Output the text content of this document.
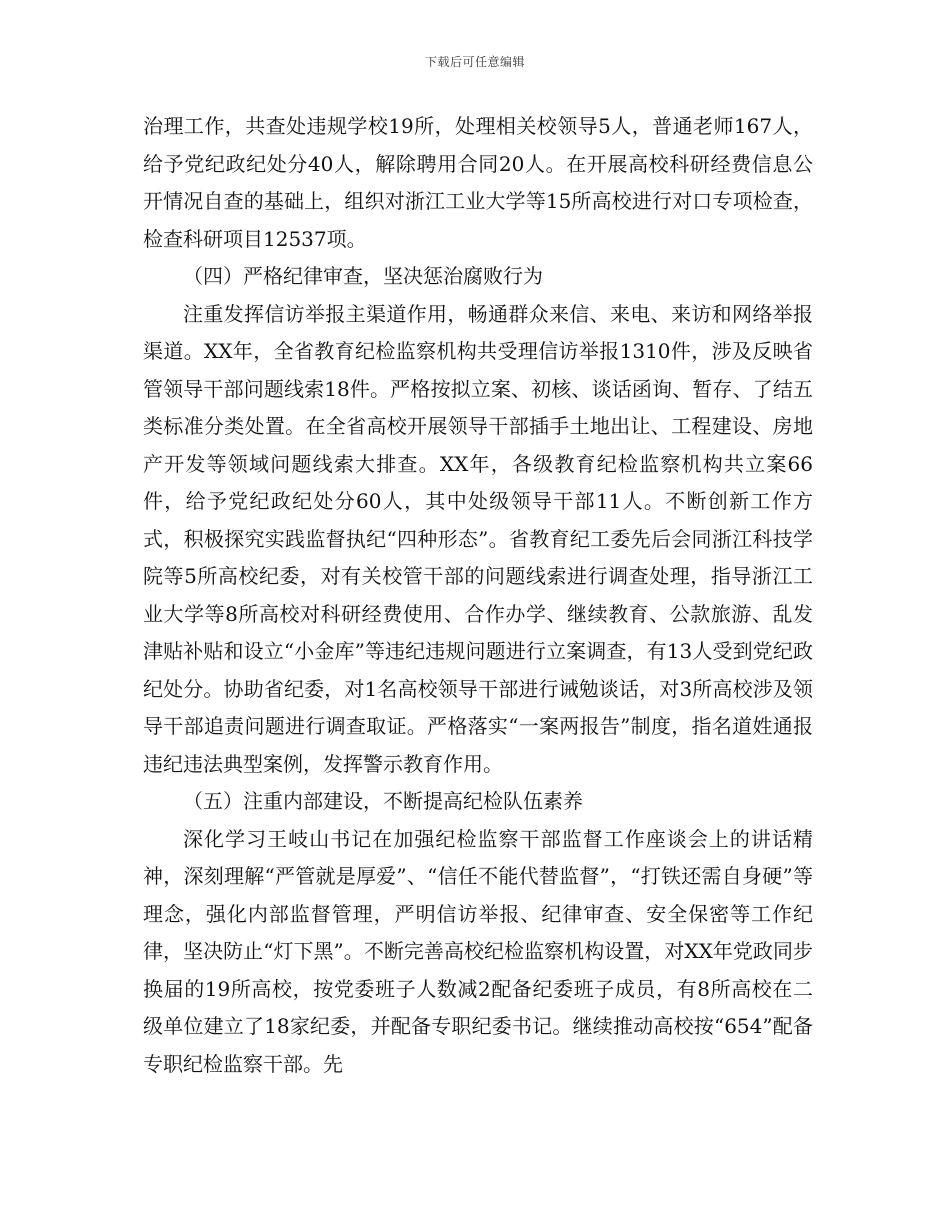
下载后可任意编辑

治理工作，共查处违规学校19所，处理相关校领导5人，普通老师167人，给予党纪政纪处分40人，解除聘用合同20人。在开展高校科研经费信息公开情况自查的基础上，组织对浙江工业大学等15所高校进行对口专项检查，检查科研项目12537项。

（四）严格纪律审查，坚决惩治腐败行为

注重发挥信访举报主渠道作用，畅通群众来信、来电、来访和网络举报渠道。XX年，全省教育纪检监察机构共受理信访举报1310件，涉及反映省管领导干部问题线索18件。严格按拟立案、初核、谈话函询、暂存、了结五类标准分类处置。在全省高校开展领导干部插手土地出让、工程建设、房地产开发等领域问题线索大排查。XX年，各级教育纪检监察机构共立案66件，给予党纪政纪处分60人，其中处级领导干部11人。不断创新工作方式，积极探究实践监督执纪“四种形态”。省教育纪工委先后会同浙江科技学院等5所高校纪委，对有关校管干部的问题线索进行调查处理，指导浙江工业大学等8所高校对科研经费使用、合作办学、继续教育、公款旅游、乱发津贴补贴和设立“小金库”等违纪违规问题进行立案调查，有13人受到党纪政纪处分。协助省纪委，对1名高校领导干部进行诫勉谈话，对3所高校涉及领导干部追责问题进行调查取证。严格落实“一案两报告”制度，指名道姓通报违纪违法典型案例，发挥警示教育作用。

（五）注重内部建设，不断提高纪检队伍素养

深化学习王岐山书记在加强纪检监察干部监督工作座谈会上的讲话精神，深刻理解“严管就是厚爱”、“信任不能代替监督”，“打铁还需自身硬”等理念，强化内部监督管理，严明信访举报、纪律审查、安全保密等工作纪律，坚决防止“灯下黑”。不断完善高校纪检监察机构设置，对XX年党政同步换届的19所高校，按党委班子人数减2配备纪委班子成员，有8所高校在二级单位建立了18家纪委，并配备专职纪委书记。继续推动高校按“654”配备专职纪检监察干部。先
